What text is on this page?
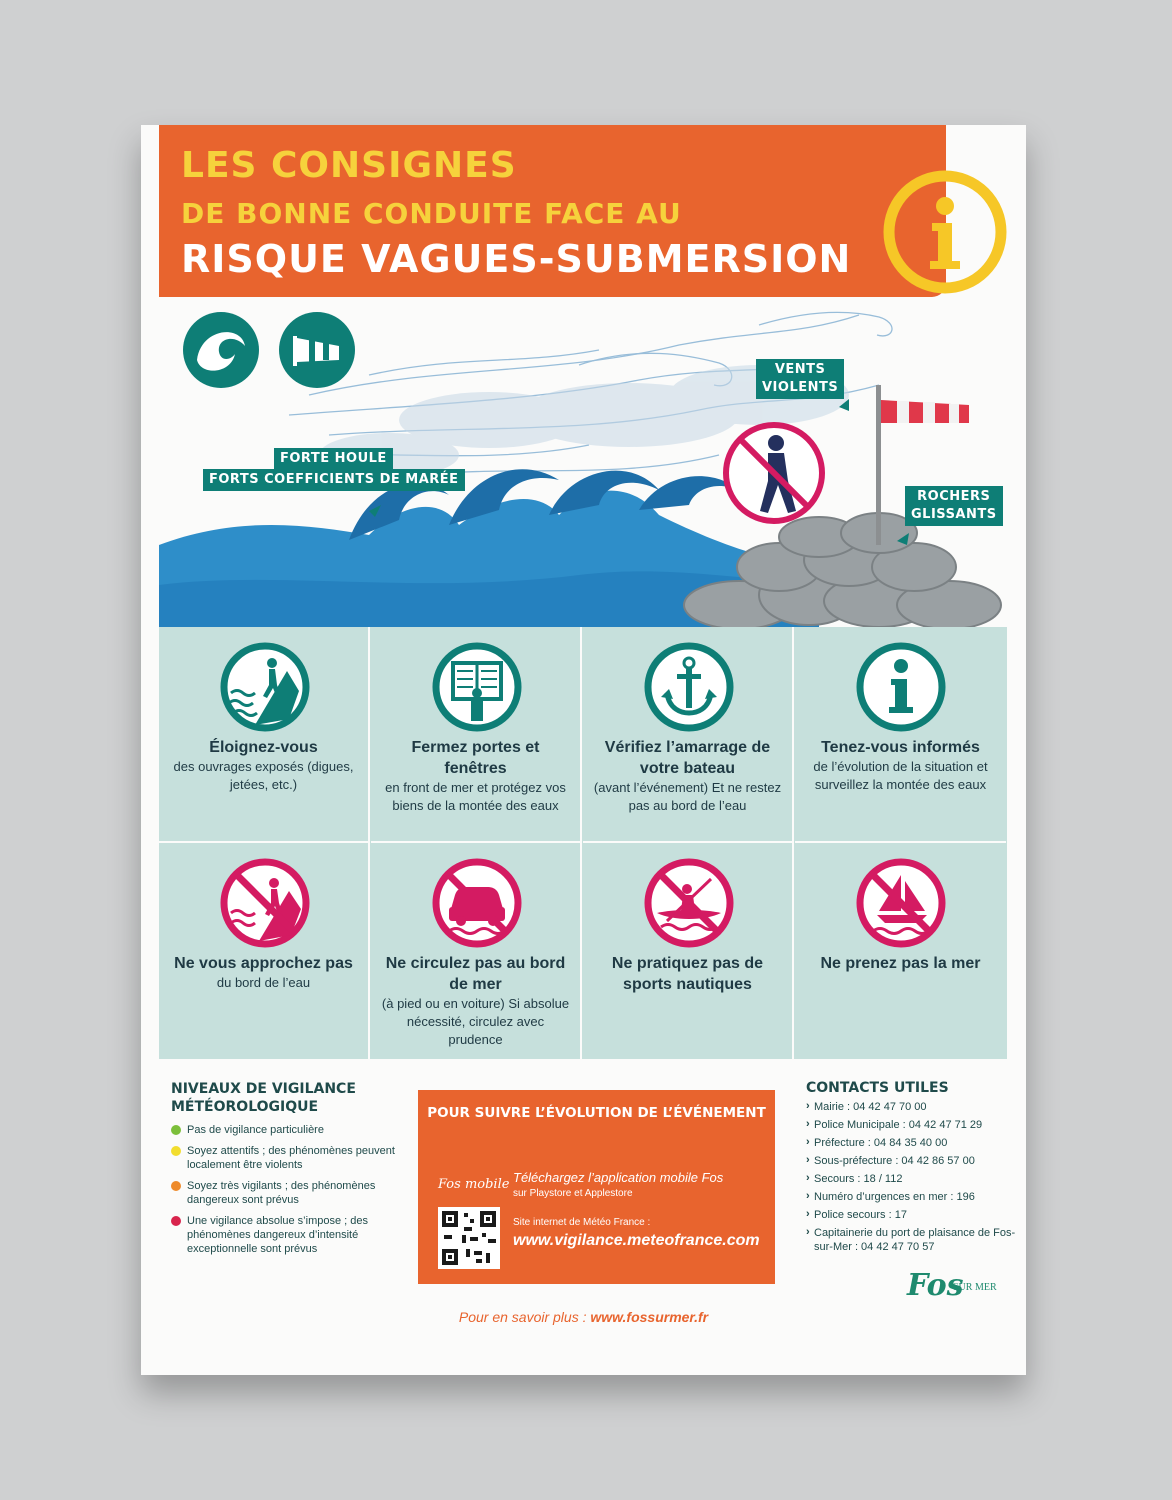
LES CONSIGNES
DE BONNE CONDUITE FACE AU
RISQUE VAGUES-SUBMERSION
FORTE HOULE
FORTS COEFFICIENTS DE MARÉE
VENTS
VIOLENTS
ROCHERS
GLISSANTS
Éloignez-vous
des ouvrages exposés (digues, jetées, etc.)
Fermez portes et fenêtres
en front de mer et protégez vos biens de la montée des eaux
Vérifiez l’amarrage de votre bateau
(avant l’événement) Et ne restez pas au bord de l’eau
Tenez-vous informés
de l’évolution de la situation et surveillez la montée des eaux
Ne vous approchez pas
du bord de l’eau
Ne circulez pas au bord de mer
(à pied ou en voiture) Si absolue nécessité, circulez avec prudence
Ne pratiquez pas de sports nautiques
Ne prenez pas la mer
NIVEAUX DE VIGILANCE MÉTÉOROLOGIQUE
Pas de vigilance particulière
Soyez attentifs ; des phénomènes peuvent localement être violents
Soyez très vigilants ; des phénomènes dangereux sont prévus
Une vigilance absolue s’impose ; des phénomènes dangereux d’intensité exceptionnelle sont prévus
POUR SUIVRE L’ÉVOLUTION DE L’ÉVÉNEMENT
Fos mobile Téléchargez l’application mobile Fos
sur Playstore et Applestore
Site internet de Météo France :
www.vigilance.meteofrance.com
CONTACTS UTILES
› Mairie : 04 42 47 70 00
› Police Municipale : 04 42 47 71 29
› Préfecture : 04 84 35 40 00
› Sous-préfecture : 04 42 86 57 00
› Secours : 18 / 112
› Numéro d’urgences en mer : 196
› Police secours : 17
› Capitainerie du port de plaisance de Fos-sur-Mer : 04 42 47 70 57
Fos
SUR MER
Pour en savoir plus : www.fossurmer.fr
